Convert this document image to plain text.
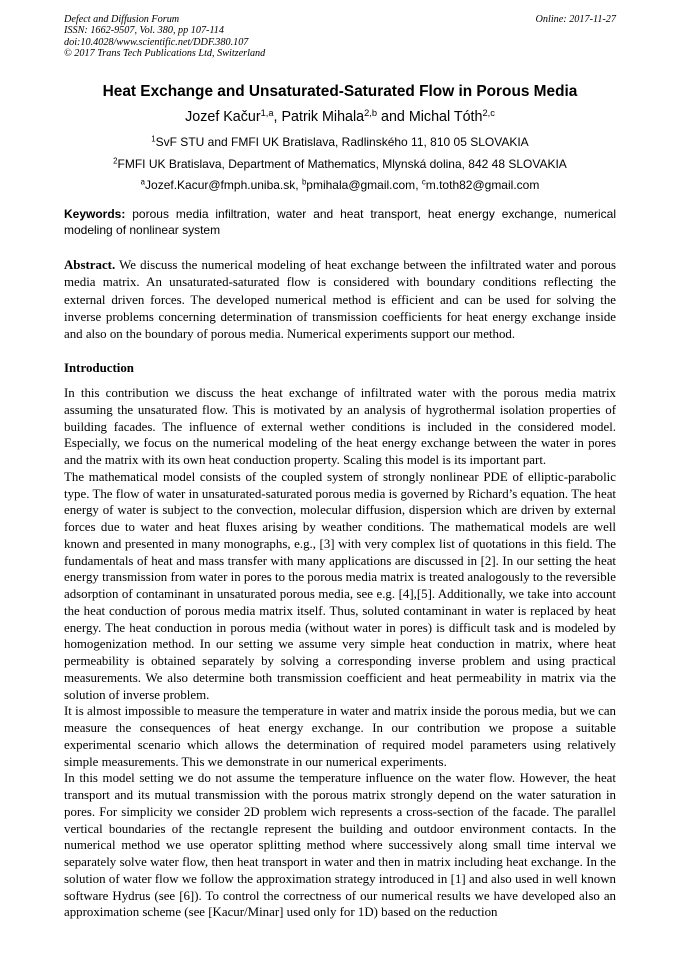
Defect and Diffusion Forum
ISSN: 1662-9507, Vol. 380, pp 107-114
doi:10.4028/www.scientific.net/DDF.380.107
© 2017 Trans Tech Publications Ltd, Switzerland
Online: 2017-11-27
Heat Exchange and Unsaturated-Saturated Flow in Porous Media
Jozef Kačur$^{1,a}$, Patrik Mihala$^{2,b}$ and Michal Tóth$^{2,c}$
$^1$SvF STU and FMFI UK Bratislava, Radlinského 11, 810 05 SLOVAKIA
$^2$FMFI UK Bratislava, Department of Mathematics, Mlynská dolina, 842 48 SLOVAKIA
$^a$Jozef.Kacur@fmph.uniba.sk, $^b$pmihala@gmail.com, $^c$m.toth82@gmail.com
Keywords: porous media infiltration, water and heat transport, heat energy exchange, numerical modeling of nonlinear system
Abstract. We discuss the numerical modeling of heat exchange between the infiltrated water and porous media matrix. An unsaturated-saturated flow is considered with boundary conditions reflecting the external driven forces. The developed numerical method is efficient and can be used for solving the inverse problems concerning determination of transmission coefficients for heat energy exchange inside and also on the boundary of porous media. Numerical experiments support our method.
Introduction

In this contribution we discuss the heat exchange of infiltrated water with the porous media matrix assuming the unsaturated flow. This is motivated by an analysis of hygrothermal isolation properties of building facades. The influence of external wether conditions is included in the considered model. Especially, we focus on the numerical modeling of the heat energy exchange between the water in pores and the matrix with its own heat conduction property. Scaling this model is its important part.

The mathematical model consists of the coupled system of strongly nonlinear PDE of elliptic-parabolic type. The flow of water in unsaturated-saturated porous media is governed by Richard’s equation. The heat energy of water is subject to the convection, molecular diffusion, dispersion which are driven by external forces due to water and heat fluxes arising by weather conditions. The mathematical models are well known and presented in many monographs, e.g., [3] with very complex list of quotations in this field. The fundamentals of heat and mass transfer with many applications are discussed in [2]. In our setting the heat energy transmission from water in pores to the porous media matrix is treated analogously to the reversible adsorption of contaminant in unsaturated porous media, see e.g. [4],[5]. Additionally, we take into account the heat conduction of porous media matrix itself. Thus, soluted contaminant in water is replaced by heat energy. The heat conduction in porous media (without water in pores) is difficult task and is modeled by homogenization method. In our setting we assume very simple heat conduction in matrix, where heat permeability is obtained separately by solving a corresponding inverse problem and using practical measurements. We also determine both transmission coefficient and heat permeability in matrix via the solution of inverse problem.

It is almost impossible to measure the temperature in water and matrix inside the porous media, but we can measure the consequences of heat energy exchange. In our contribution we propose a suitable experimental scenario which allows the determination of required model parameters using relatively simple measurements. This we demonstrate in our numerical experiments.

In this model setting we do not assume the temperature influence on the water flow. However, the heat transport and its mutual transmission with the porous matrix strongly depend on the water saturation in pores. For simplicity we consider 2D problem wich represents a cross-section of the facade. The parallel vertical boundaries of the rectangle represent the building and outdoor environment contacts. In the numerical method we use operator splitting method where successively along small time interval we separately solve water flow, then heat transport in water and then in matrix including heat exchange. In the solution of water flow we follow the approximation strategy introduced in [1] and also used in well known software Hydrus (see [6]). To control the correctness of our numerical results we have developed also an approximation scheme (see [Kacur/Minar] used only for 1D) based on the reduction
